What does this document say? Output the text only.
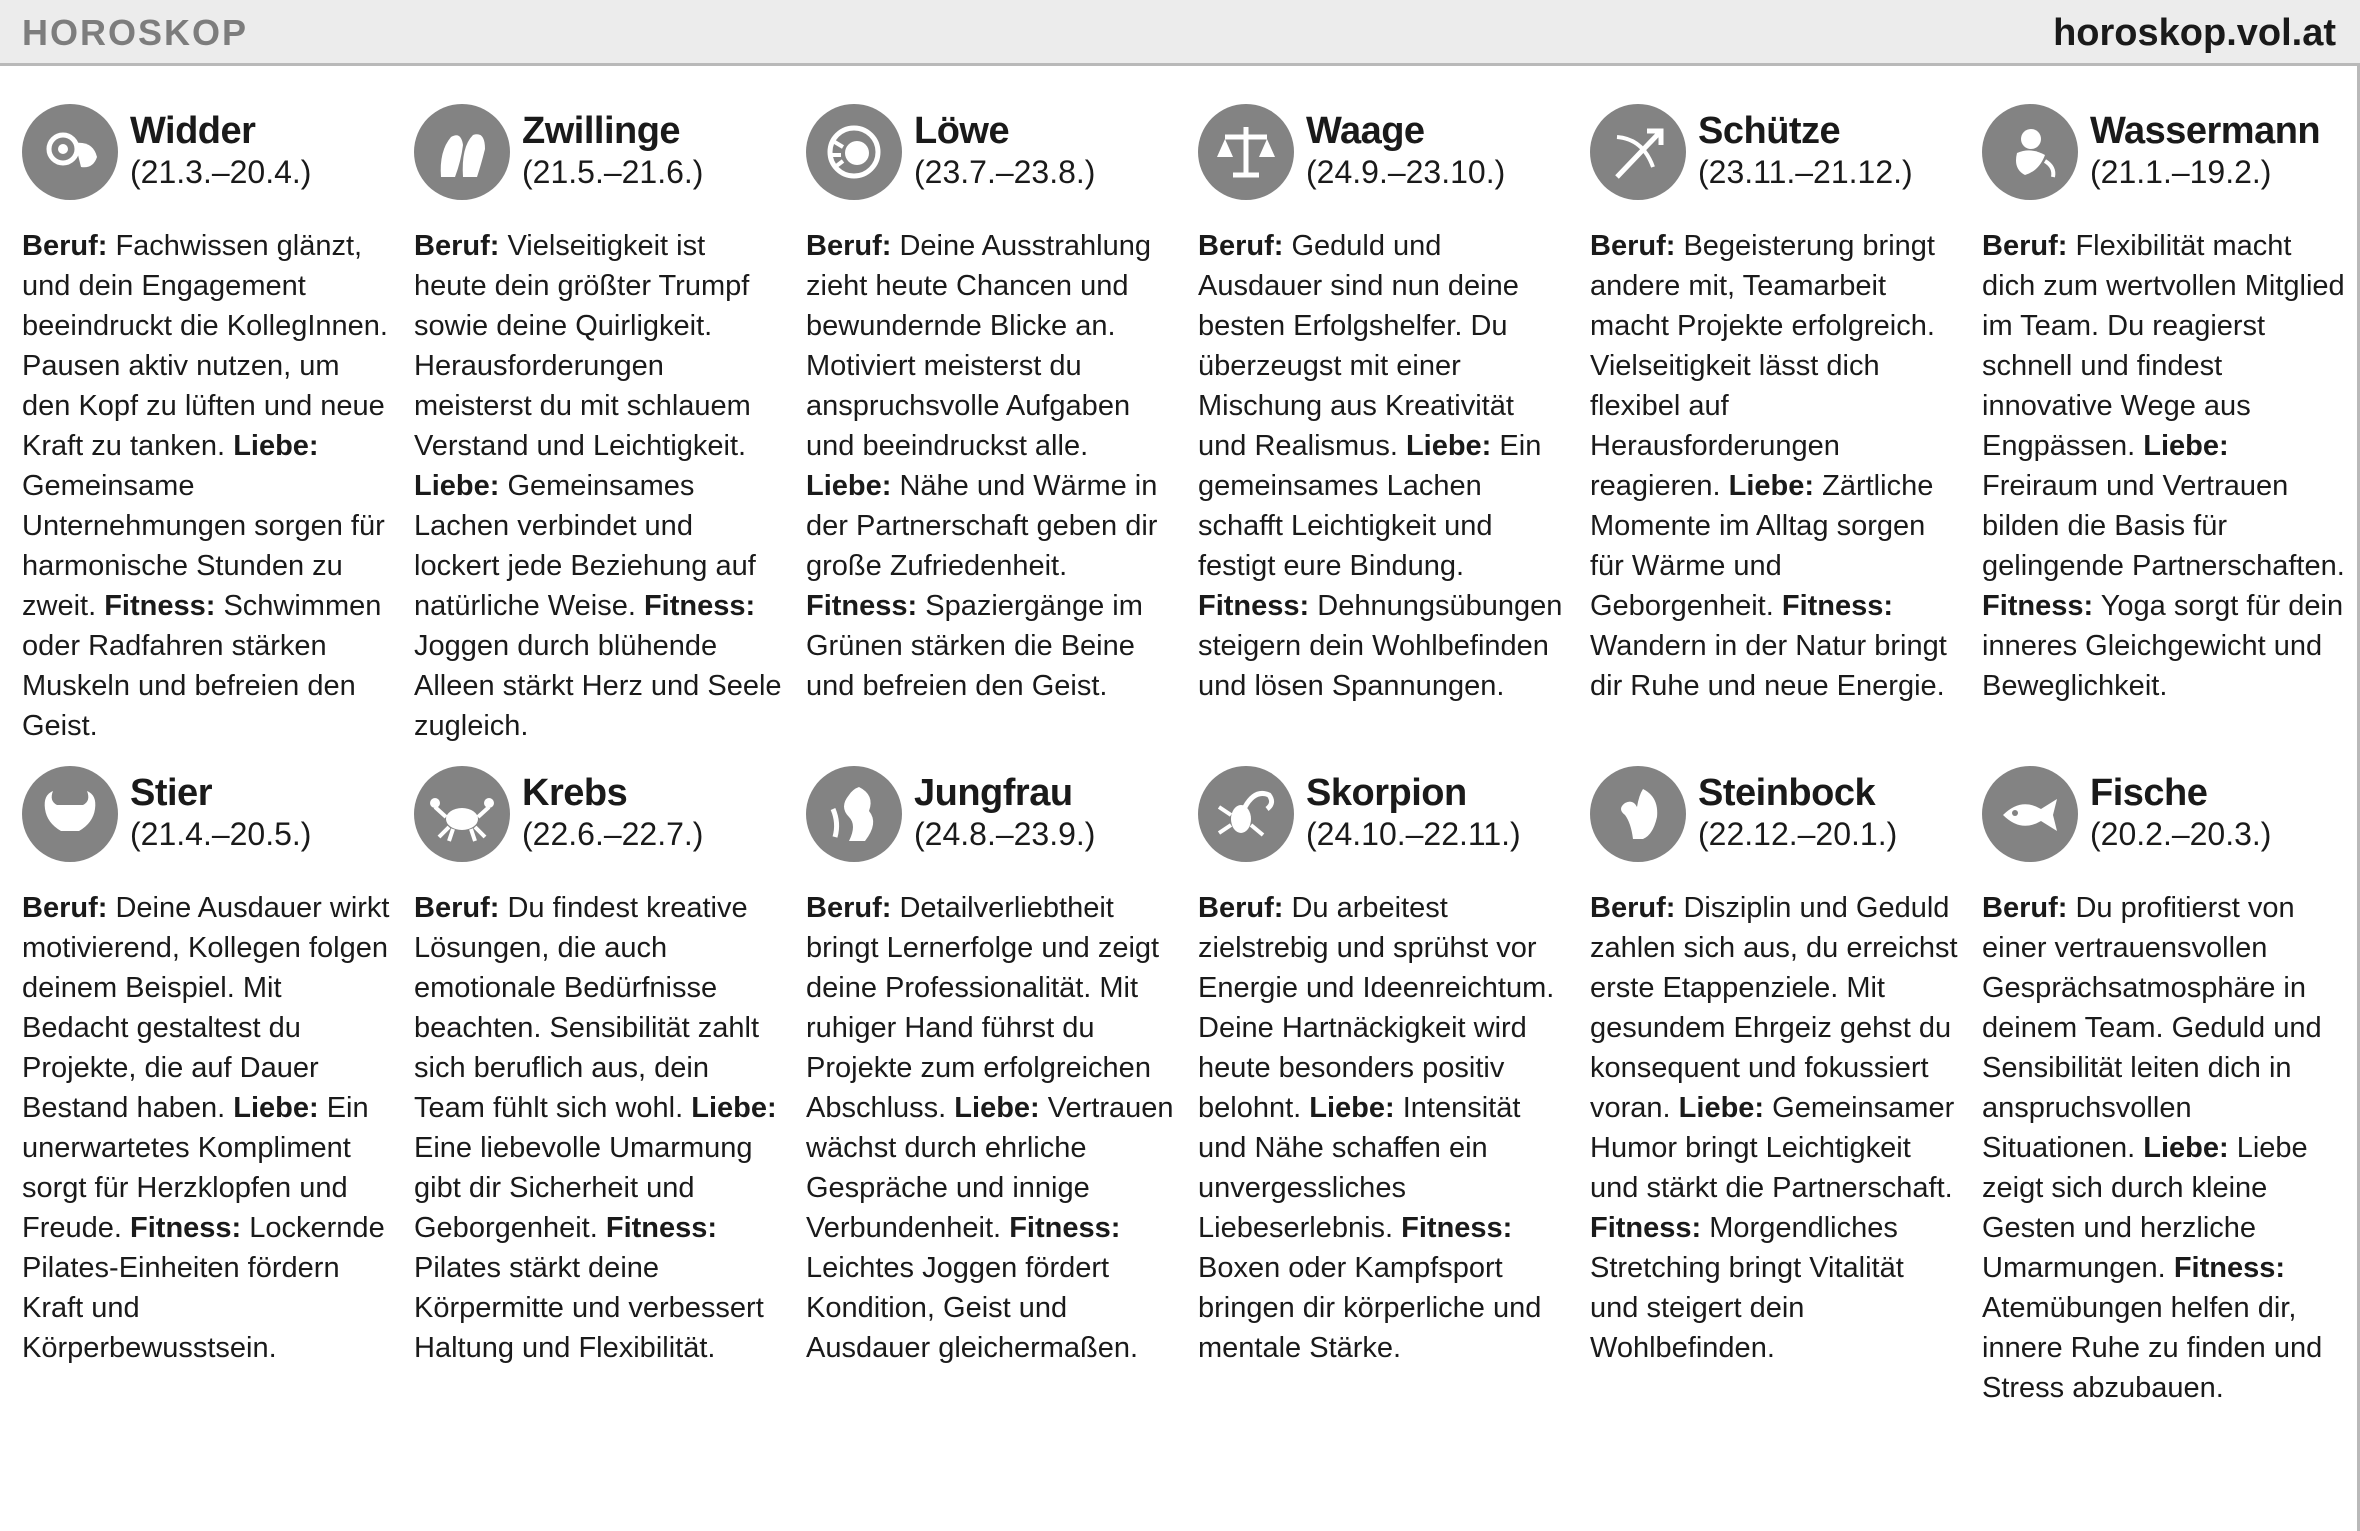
HOROSKOP	horoskop.vol.at
Widder
(21.3.–20.4.)
Beruf: Fachwissen glänzt, und dein Engagement beeindruckt die KollegInnen. Pausen aktiv nutzen, um den Kopf zu lüften und neue Kraft zu tanken. Liebe: Gemeinsame Unternehmungen sorgen für harmonische Stunden zu zweit. Fitness: Schwimmen oder Radfahren stärken Muskeln und befreien den Geist.
Zwillinge
(21.5.–21.6.)
Beruf: Vielseitigkeit ist heute dein größter Trumpf sowie deine Quirligkeit. Herausforderungen meisterst du mit schlauem Verstand und Leichtigkeit. Liebe: Gemeinsames Lachen verbindet und lockert jede Beziehung auf natürliche Weise. Fitness: Joggen durch blühende Alleen stärkt Herz und Seele zugleich.
Löwe
(23.7.–23.8.)
Beruf: Deine Ausstrahlung zieht heute Chancen und bewundernde Blicke an. Motiviert meisterst du anspruchsvolle Aufgaben und beeindruckst alle. Liebe: Nähe und Wärme in der Partnerschaft geben dir große Zufriedenheit. Fitness: Spaziergänge im Grünen stärken die Beine und befreien den Geist.
Waage
(24.9.–23.10.)
Beruf: Geduld und Ausdauer sind nun deine besten Erfolgshelfer. Du überzeugst mit einer Mischung aus Kreativität und Realismus. Liebe: Ein gemeinsames Lachen schafft Leichtigkeit und festigt eure Bindung. Fitness: Dehnungsübungen steigern dein Wohlbefinden und lösen Spannungen.
Schütze
(23.11.–21.12.)
Beruf: Begeisterung bringt andere mit, Teamarbeit macht Projekte erfolgreich. Vielseitigkeit lässt dich flexibel auf Herausforderungen reagieren. Liebe: Zärtliche Momente im Alltag sorgen für Wärme und Geborgenheit. Fitness: Wandern in der Natur bringt dir Ruhe und neue Energie.
Wassermann
(21.1.–19.2.)
Beruf: Flexibilität macht dich zum wertvollen Mitglied im Team. Du reagierst schnell und findest innovative Wege aus Engpässen. Liebe: Freiraum und Vertrauen bilden die Basis für gelingende Partnerschaften. Fitness: Yoga sorgt für dein inneres Gleichgewicht und Beweglichkeit.
Stier
(21.4.–20.5.)
Beruf: Deine Ausdauer wirkt motivierend, Kollegen folgen deinem Beispiel. Mit Bedacht gestaltest du Projekte, die auf Dauer Bestand haben. Liebe: Ein unerwartetes Kompliment sorgt für Herzklopfen und Freude. Fitness: Lockernde Pilates-Einheiten fördern Kraft und Körperbewusstsein.
Krebs
(22.6.–22.7.)
Beruf: Du findest kreative Lösungen, die auch emotionale Bedürfnisse beachten. Sensibilität zahlt sich beruflich aus, dein Team fühlt sich wohl. Liebe: Eine liebevolle Umarmung gibt dir Sicherheit und Geborgenheit. Fitness: Pilates stärkt deine Körpermitte und verbessert Haltung und Flexibilität.
Jungfrau
(24.8.–23.9.)
Beruf: Detailverliebtheit bringt Lernerfolge und zeigt deine Professionalität. Mit ruhiger Hand führst du Projekte zum erfolgreichen Abschluss. Liebe: Vertrauen wächst durch ehrliche Gespräche und innige Verbundenheit. Fitness: Leichtes Joggen fördert Kondition, Geist und Ausdauer gleichermaßen.
Skorpion
(24.10.–22.11.)
Beruf: Du arbeitest zielstrebig und sprühst vor Energie und Ideenreichtum. Deine Hartnäckigkeit wird heute besonders positiv belohnt. Liebe: Intensität und Nähe schaffen ein unvergessliches Liebeserlebnis. Fitness: Boxen oder Kampfsport bringen dir körperliche und mentale Stärke.
Steinbock
(22.12.–20.1.)
Beruf: Disziplin und Geduld zahlen sich aus, du erreichst erste Etappenziele. Mit gesundem Ehrgeiz gehst du konsequent und fokussiert voran. Liebe: Gemeinsamer Humor bringt Leichtigkeit und stärkt die Partnerschaft. Fitness: Morgendliches Stretching bringt Vitalität und steigert dein Wohlbefinden.
Fische
(20.2.–20.3.)
Beruf: Du profitierst von einer vertrauensvollen Gesprächsatmosphäre in deinem Team. Geduld und Sensibilität leiten dich in anspruchsvollen Situationen. Liebe: Liebe zeigt sich durch kleine Gesten und herzliche Umarmungen. Fitness: Atemübungen helfen dir, innere Ruhe zu finden und Stress abzubauen.
